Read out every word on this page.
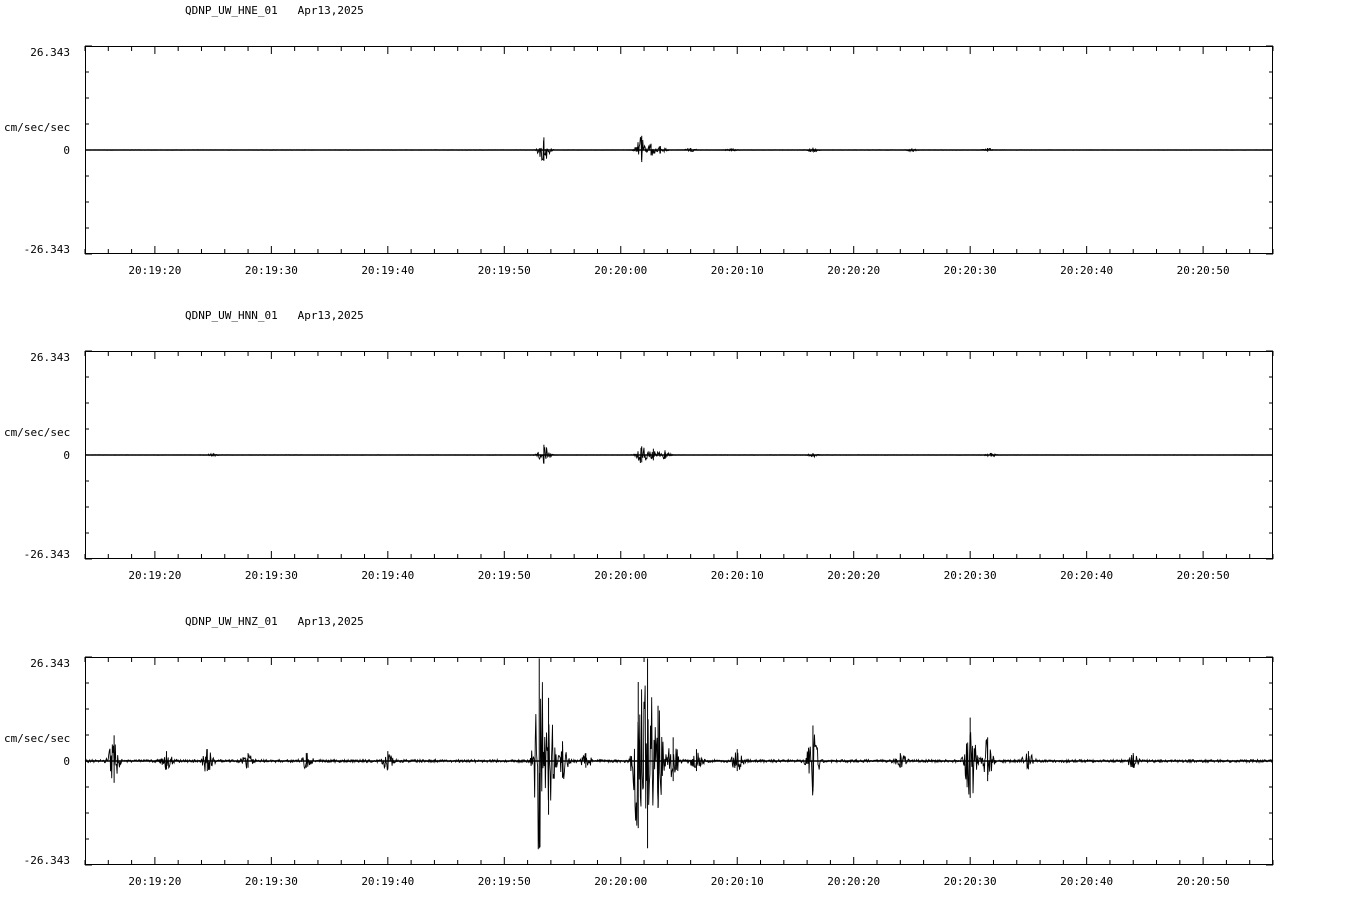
QDNP_UW_HNE_01   Apr13,2025
26.343
cm/sec/sec
0
-26.343
20:19:20	20:19:30	20:19:40	20:19:50	20:20:00	20:20:10	20:20:20	20:20:30	20:20:40	20:20:50
QDNP_UW_HNN_01   Apr13,2025
26.343
cm/sec/sec
0
-26.343
20:19:20	20:19:30	20:19:40	20:19:50	20:20:00	20:20:10	20:20:20	20:20:30	20:20:40	20:20:50
QDNP_UW_HNZ_01   Apr13,2025
26.343
cm/sec/sec
0
-26.343
20:19:20	20:19:30	20:19:40	20:19:50	20:20:00	20:20:10	20:20:20	20:20:30	20:20:40	20:20:50
